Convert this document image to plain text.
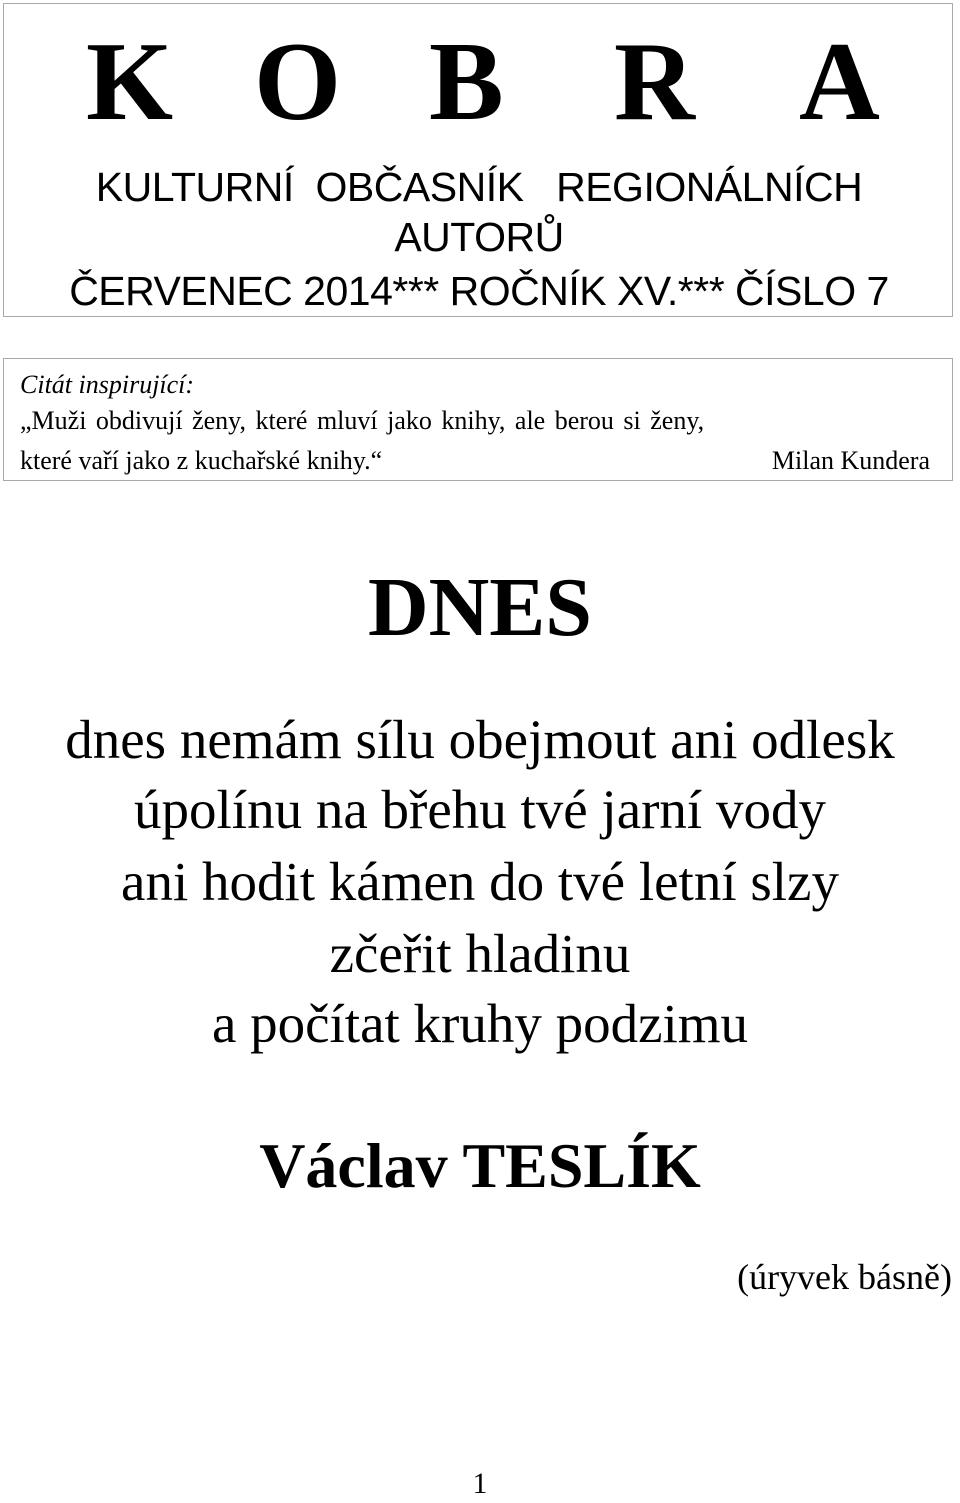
K O B R A
KULTURNÍ  OBČASNÍK   REGIONÁLNÍCH
AUTORŮ
ČERVENEC 2014*** ROČNÍK XV.*** ČÍSLO 7
Citát inspirující:
„Muži obdivují ženy, které mluví jako knihy, ale berou si ženy,
které vaří jako z kuchařské knihy.“	Milan Kundera
DNES
dnes nemám sílu obejmout ani odlesk
úpolínu na břehu tvé jarní vody
ani hodit kámen do tvé letní slzy
zčeřit hladinu
a počítat kruhy podzimu
Václav TESLÍK
(úryvek básně)
1
